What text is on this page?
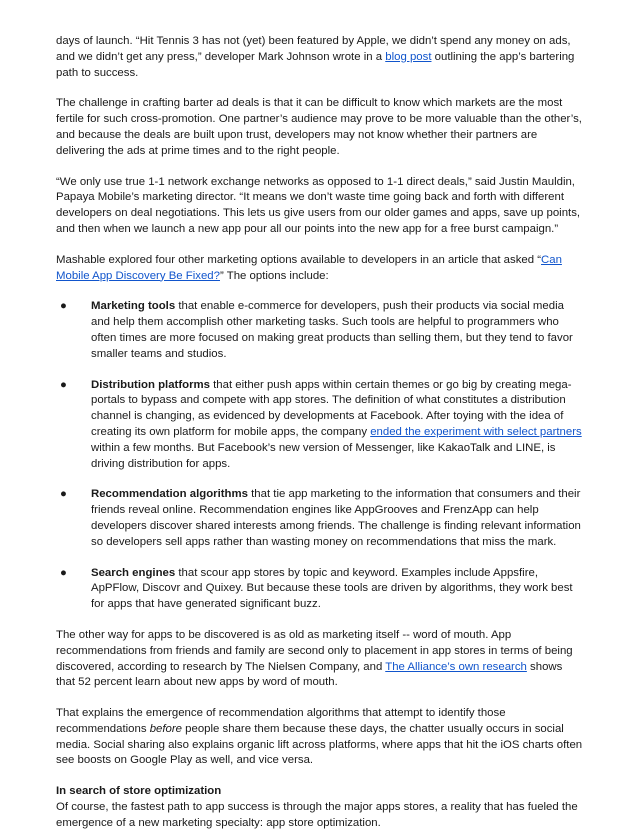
days of launch. “Hit Tennis 3 has not (yet) been featured by Apple, we didn’t spend any money on ads, and we didn’t get any press,” developer Mark Johnson wrote in a blog post outlining the app’s bartering path to success.

The challenge in crafting barter ad deals is that it can be difficult to know which markets are the most fertile for such cross-promotion. One partner’s audience may prove to be more valuable than the other’s, and because the deals are built upon trust, developers may not know whether their partners are delivering the ads at prime times and to the right people.

“We only use true 1-1 network exchange networks as opposed to 1-1 direct deals,” said Justin Mauldin, Papaya Mobile’s marketing director. “It means we don’t waste time going back and forth with different developers on deal negotiations. This lets us give users from our older games and apps, save up points, and then when we launch a new app pour all our points into the new app for a free burst campaign.”

Mashable explored four other marketing options available to developers in an article that asked “Can Mobile App Discovery Be Fixed?” The options include:

● Marketing tools that enable e-commerce for developers, push their products via social media and help them accomplish other marketing tasks. Such tools are helpful to programmers who often times are more focused on making great products than selling them, but they tend to favor smaller teams and studios.
● Distribution platforms that either push apps within certain themes or go big by creating mega-portals to bypass and compete with app stores. The definition of what constitutes a distribution channel is changing, as evidenced by developments at Facebook. After toying with the idea of creating its own platform for mobile apps, the company ended the experiment with select partners within a few months. But Facebook’s new version of Messenger, like KakaoTalk and LINE, is driving distribution for apps.
● Recommendation algorithms that tie app marketing to the information that consumers and their friends reveal online. Recommendation engines like AppGrooves and FrenzApp can help developers discover shared interests among friends. The challenge is finding relevant information so developers sell apps rather than wasting money on recommendations that miss the mark.
● Search engines that scour app stores by topic and keyword. Examples include Appsfire, ApPFlow, Discovr and Quixey. But because these tools are driven by algorithms, they work best for apps that have generated significant buzz.

The other way for apps to be discovered is as old as marketing itself -- word of mouth. App recommendations from friends and family are second only to placement in app stores in terms of being discovered, according to research by The Nielsen Company, and The Alliance’s own research shows that 52 percent learn about new apps by word of mouth.

That explains the emergence of recommendation algorithms that attempt to identify those recommendations before people share them because these days, the chatter usually occurs in social media. Social sharing also explains organic lift across platforms, where apps that hit the iOS charts often see boosts on Google Play as well, and vice versa.

In search of store optimization

Of course, the fastest path to app success is through the major apps stores, a reality that has fueled the emergence of a new marketing specialty: app store optimization.
